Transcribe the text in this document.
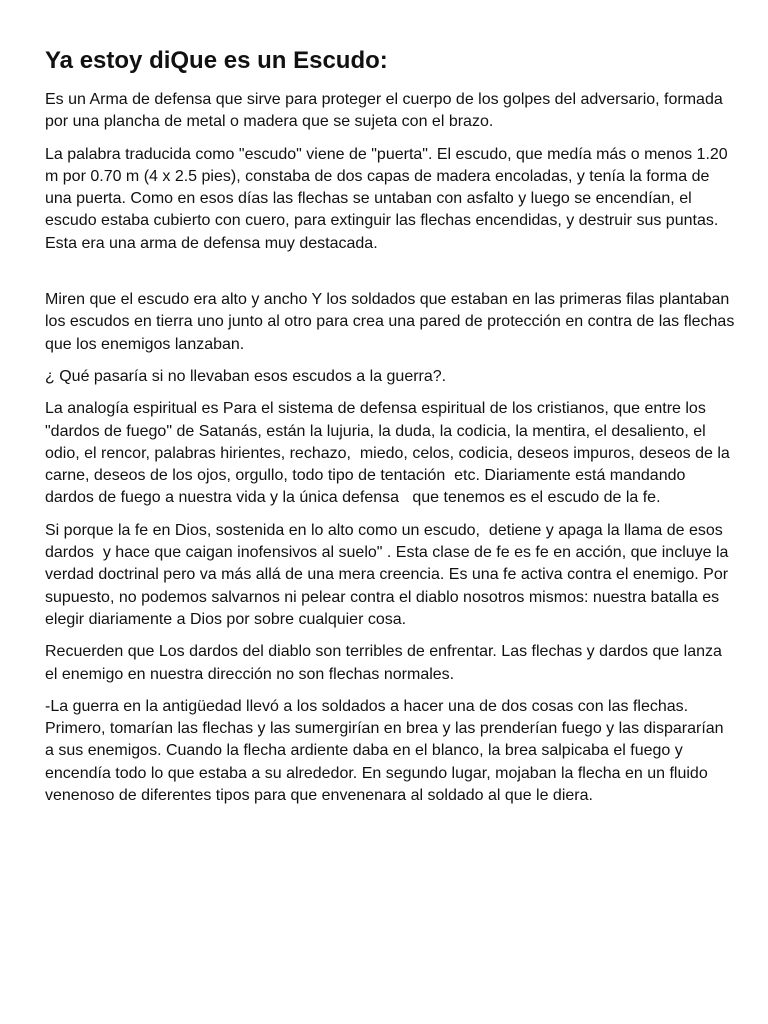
Ya estoy diQue es un Escudo:

Es un Arma de defensa que sirve para proteger el cuerpo de los golpes del adversario, formada por una plancha de metal o madera que se sujeta con el brazo.

La palabra traducida como "escudo" viene de "puerta". El escudo, que medía más o menos 1.20 m por 0.70 m (4 x 2.5 pies), constaba de dos capas de madera encoladas, y tenía la forma de una puerta. Como en esos días las flechas se untaban con asfalto y luego se encendían, el escudo estaba cubierto con cuero, para extinguir las flechas encendidas, y destruir sus puntas. Esta era una arma de defensa muy destacada.

Miren que el escudo era alto y ancho Y los soldados que estaban en las primeras filas plantaban los escudos en tierra uno junto al otro para crea una pared de protección en contra de las flechas que los enemigos lanzaban.

¿ Qué pasaría si no llevaban esos escudos a la guerra?.

La analogía espiritual es Para el sistema de defensa espiritual de los cristianos, que entre los "dardos de fuego" de Satanás, están la lujuria, la duda, la codicia, la mentira, el desaliento, el odio, el rencor, palabras hirientes, rechazo,  miedo, celos, codicia, deseos impuros, deseos de la carne, deseos de los ojos, orgullo, todo tipo de tentación  etc. Diariamente está mandando dardos de fuego a nuestra vida y la única defensa   que tenemos es el escudo de la fe.

Si porque la fe en Dios, sostenida en lo alto como un escudo,  detiene y apaga la llama de esos dardos  y hace que caigan inofensivos al suelo" . Esta clase de fe es fe en acción, que incluye la verdad doctrinal pero va más allá de una mera creencia. Es una fe activa contra el enemigo. Por supuesto, no podemos salvarnos ni pelear contra el diablo nosotros mismos: nuestra batalla es elegir diariamente a Dios por sobre cualquier cosa.

Recuerden que Los dardos del diablo son terribles de enfrentar. Las flechas y dardos que lanza el enemigo en nuestra dirección no son flechas normales.

-La guerra en la antigüedad llevó a los soldados a hacer una de dos cosas con las flechas. Primero, tomarían las flechas y las sumergirían en brea y las prenderían fuego y las dispararían a sus enemigos. Cuando la flecha ardiente daba en el blanco, la brea salpicaba el fuego y encendía todo lo que estaba a su alrededor. En segundo lugar, mojaban la flecha en un fluido venenoso de diferentes tipos para que envenenara al soldado al que le diera.
